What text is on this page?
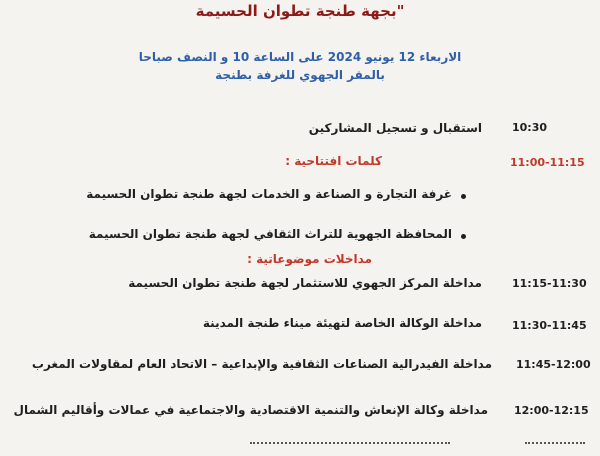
بجهة طنجة تطوان الحسيمة"
الاربعاء 12 يونيو 2024 على الساعة 10 و النصف صباحا
بالمقر الجهوي للغرفة بطنجة
10:30
استقبال و تسجيل المشاركين
11:00-11:15
كلمات افتتاحية :
غرفة التجارة و الصناعة و الخدمات لجهة طنجة تطوان الحسيمة
المحافظة الجهوية للتراث الثقافي لجهة طنجة تطوان الحسيمة
مداخلات موضوعاتية :
11:15-11:30
مداخلة المركز الجهوي للاستثمار لجهة طنجة تطوان الحسيمة
11:30-11:45
مداخلة الوكالة الخاصة لتهيئة ميناء طنجة المدينة
11:45-12:00
مداخلة الفيدرالية الصناعات الثقافية والإبداعية – الاتحاد العام لمقاولات المغرب
12:00-12:15
مداخلة وكالة الإنعاش والتنمية الاقتصادية والاجتماعية في عمالات وأقاليم الشمال
